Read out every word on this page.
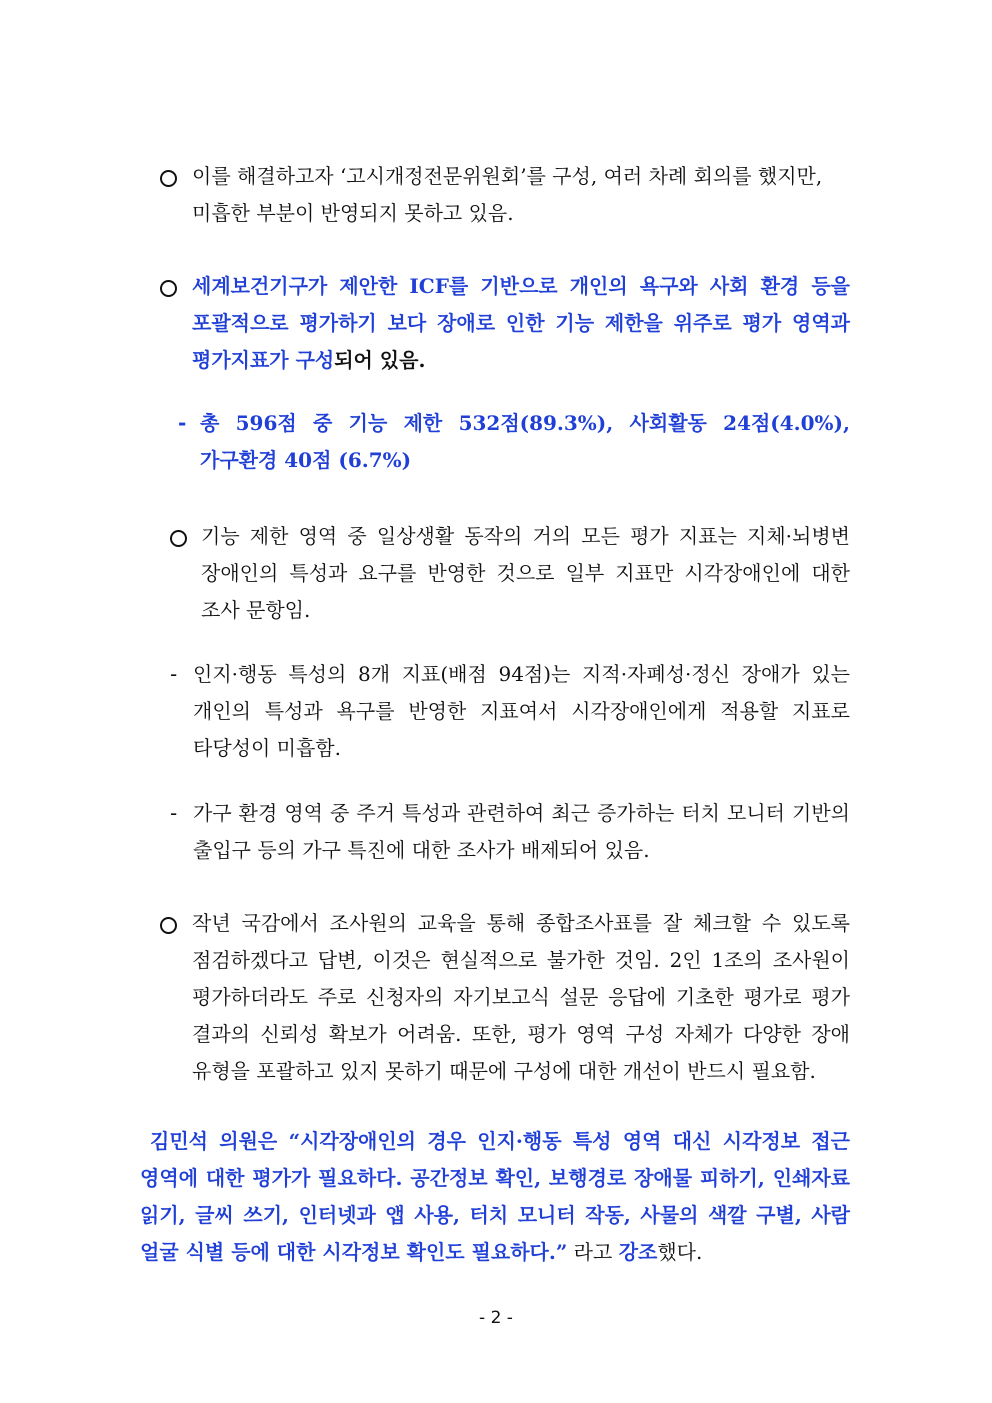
이를 해결하고자 ‘고시개정전문위원회’를 구성, 여러 차례 회의를 했지만,
미흡한 부분이 반영되지 못하고 있음.
세계보건기구가 제안한 ICF를 기반으로 개인의 욕구와 사회 환경 등을 포괄적으로 평가하기 보다 장애로 인한 기능 제한을 위주로 평가 영역과 평가지표가 구성되어 있음.
- 총 596점 중 기능 제한 532점(89.3%), 사회활동 24점(4.0%), 가구환경 40점 (6.7%)
기능 제한 영역 중 일상생활 동작의 거의 모든 평가 지표는 지체·뇌병변 장애인의 특성과 요구를 반영한 것으로 일부 지표만 시각장애인에 대한 조사 문항임.
- 인지·행동 특성의 8개 지표(배점 94점)는 지적·자폐성·정신 장애가 있는 개인의 특성과 욕구를 반영한 지표여서 시각장애인에게 적용할 지표로 타당성이 미흡함.
- 가구 환경 영역 중 주거 특성과 관련하여 최근 증가하는 터치 모니터 기반의 출입구 등의 가구 특진에 대한 조사가 배제되어 있음.
작년 국감에서 조사원의 교육을 통해 종합조사표를 잘 체크할 수 있도록 점검하겠다고 답변, 이것은 현실적으로 불가한 것임. 2인 1조의 조사원이 평가하더라도 주로 신청자의 자기보고식 설문 응답에 기초한 평가로 평가 결과의 신뢰성 확보가 어려움. 또한, 평가 영역 구성 자체가 다양한 장애 유형을 포괄하고 있지 못하기 때문에 구성에 대한 개선이 반드시 필요함.
김민석 의원은 “시각장애인의 경우 인지·행동 특성 영역 대신 시각정보 접근 영역에 대한 평가가 필요하다. 공간정보 확인, 보행경로 장애물 피하기, 인쇄자료 읽기, 글씨 쓰기, 인터넷과 앱 사용, 터치 모니터 작동, 사물의 색깔 구별, 사람 얼굴 식별 등에 대한 시각정보 확인도 필요하다.” 라고 강조했다.
- 2 -
